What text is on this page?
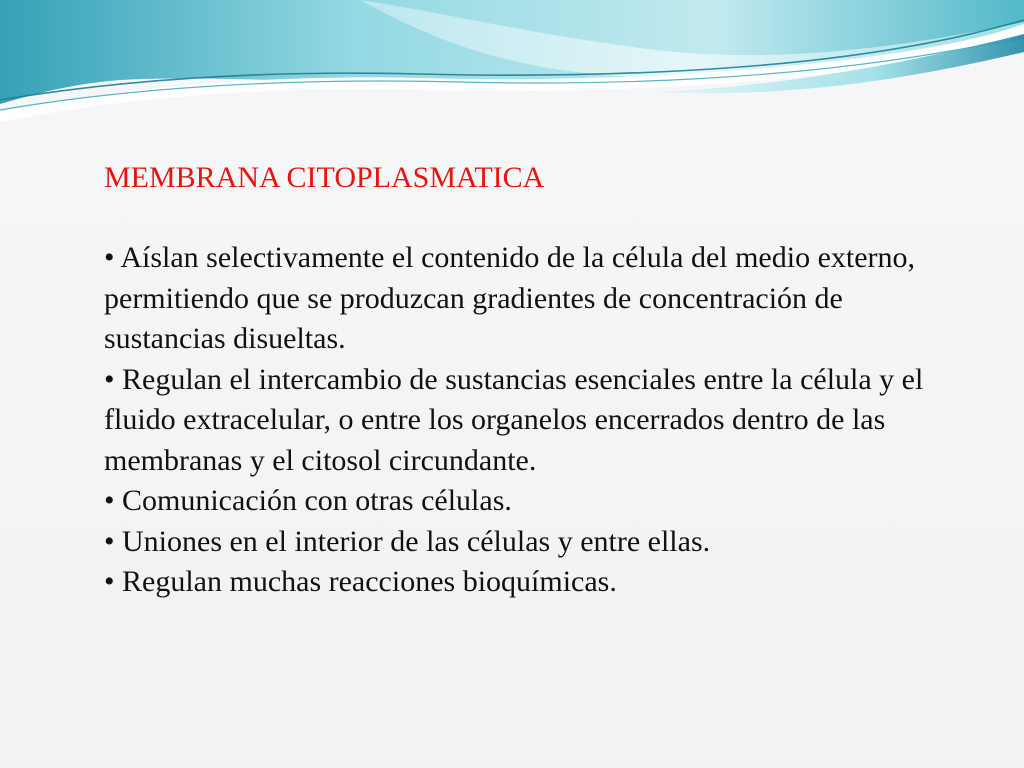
MEMBRANA CITOPLASMATICA
• Aíslan selectivamente el contenido de la célula del medio externo, permitiendo que se produzcan gradientes de concentración de sustancias disueltas.
• Regulan el intercambio de sustancias esenciales entre la célula y el fluido extracelular, o entre los organelos encerrados dentro de las membranas y el citosol circundante.
• Comunicación con otras células.
• Uniones en el interior de las células y entre ellas.
• Regulan muchas reacciones bioquímicas.
